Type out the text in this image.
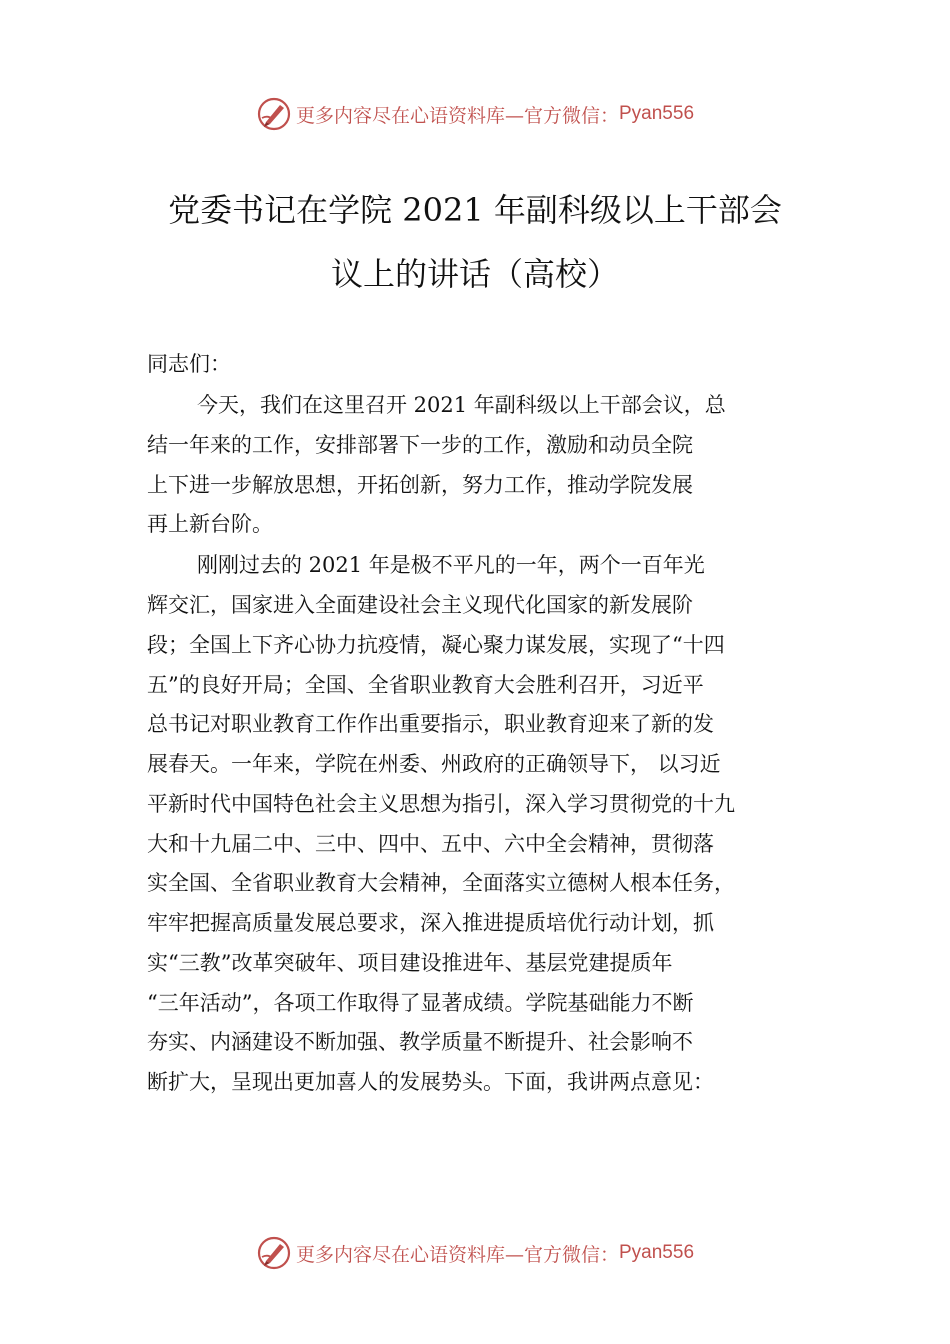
更多内容尽在心语资料库—官方微信： Pyan556
党委书记在学院 2021 年副科级以上干部会
议上的讲话（高校）
同志们：
今天，我们在这里召开 2021 年副科级以上干部会议，总
结一年来的工作，安排部署下一步的工作，激励和动员全院
上下进一步解放思想，开拓创新，努力工作，推动学院发展
再上新台阶。
刚刚过去的 2021 年是极不平凡的一年，两个一百年光
辉交汇，国家进入全面建设社会主义现代化国家的新发展阶
段；全国上下齐心协力抗疫情，凝心聚力谋发展，实现了“十四
五”的良好开局；全国、全省职业教育大会胜利召开，习近平
总书记对职业教育工作作出重要指示，职业教育迎来了新的发
展春天。一年来，学院在州委、州政府的正确领导下， 以习近
平新时代中国特色社会主义思想为指引，深入学习贯彻党的十九
大和十九届二中、三中、四中、五中、六中全会精神，贯彻落
实全国、全省职业教育大会精神，全面落实立德树人根本任务，
牢牢把握高质量发展总要求，深入推进提质培优行动计划，抓
实“三教”改革突破年、项目建设推进年、基层党建提质年
“三年活动”，各项工作取得了显著成绩。学院基础能力不断
夯实、内涵建设不断加强、教学质量不断提升、社会影响不
断扩大，呈现出更加喜人的发展势头。下面，我讲两点意见：
更多内容尽在心语资料库—官方微信： Pyan556
